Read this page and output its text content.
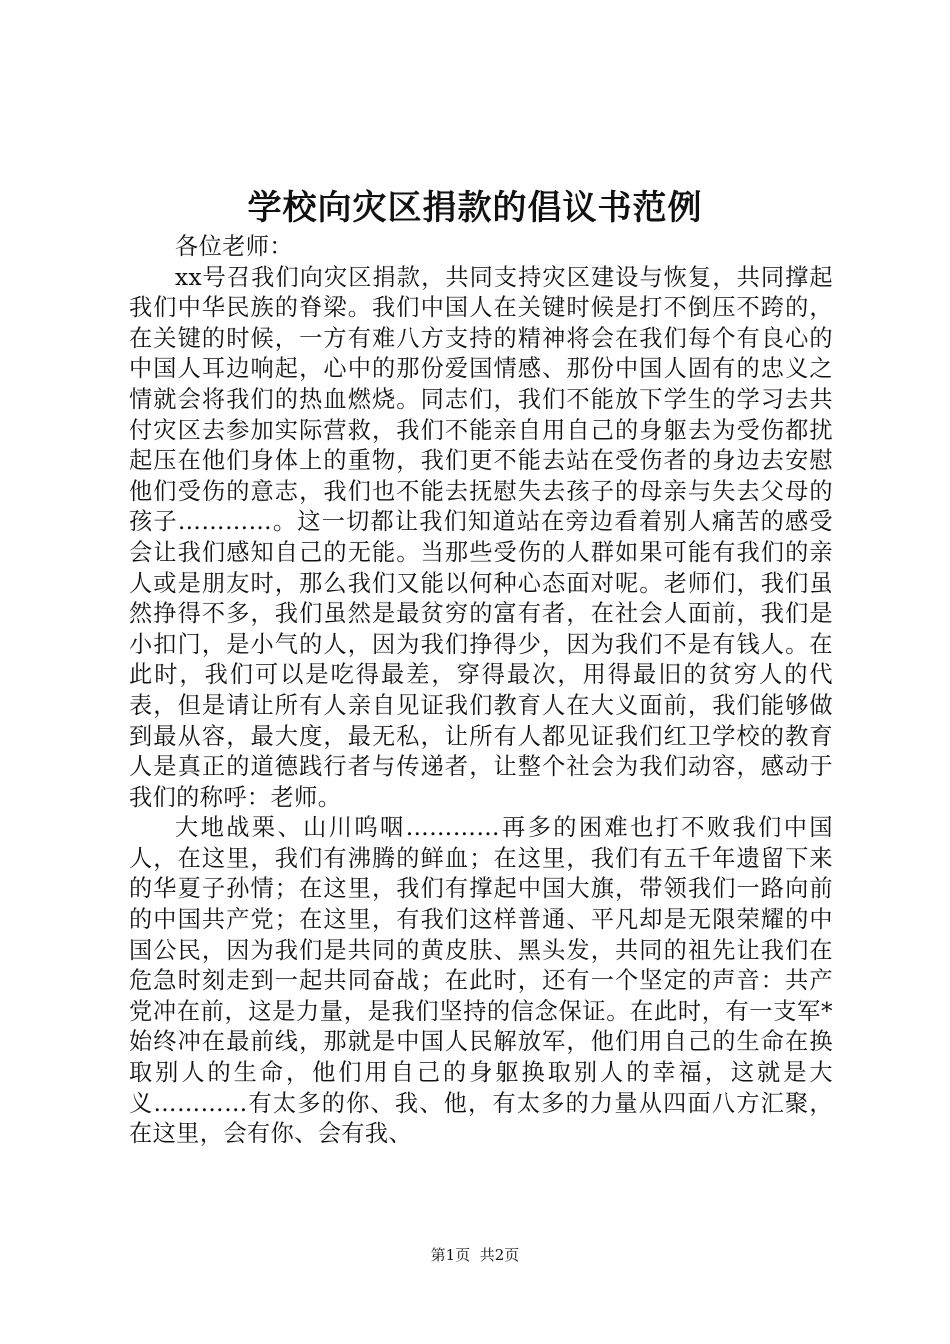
学校向灾区捐款的倡议书范例

各位老师：

xx号召我们向灾区捐款，共同支持灾区建设与恢复，共同撑起我们中华民族的脊梁。我们中国人在关键时候是打不倒压不跨的，在关键的时候，一方有难八方支持的精神将会在我们每个有良心的中国人耳边响起，心中的那份爱国情感、那份中国人固有的忠义之情就会将我们的热血燃烧。同志们，我们不能放下学生的学习去共付灾区去参加实际营救，我们不能亲自用自己的身躯去为受伤都扰起压在他们身体上的重物，我们更不能去站在受伤者的身边去安慰他们受伤的意志，我们也不能去抚慰失去孩子的母亲与失去父母的孩子…………。这一切都让我们知道站在旁边看着别人痛苦的感受会让我们感知自己的无能。当那些受伤的人群如果可能有我们的亲人或是朋友时，那么我们又能以何种心态面对呢。老师们，我们虽然挣得不多，我们虽然是最贫穷的富有者，在社会人面前，我们是小扣门，是小气的人，因为我们挣得少，因为我们不是有钱人。在此时，我们可以是吃得最差，穿得最次，用得最旧的贫穷人的代表，但是请让所有人亲自见证我们教育人在大义面前，我们能够做到最从容，最大度，最无私，让所有人都见证我们红卫学校的教育人是真正的道德践行者与传递者，让整个社会为我们动容，感动于我们的称呼：老师。

大地战栗、山川呜咽…………再多的困难也打不败我们中国人，在这里，我们有沸腾的鲜血；在这里，我们有五千年遗留下来的华夏子孙情；在这里，我们有撑起中国大旗，带领我们一路向前的中国共产党；在这里，有我们这样普通、平凡却是无限荣耀的中国公民，因为我们是共同的黄皮肤、黑头发，共同的祖先让我们在危急时刻走到一起共同奋战；在此时，还有一个坚定的声音：共产党冲在前，这是力量，是我们坚持的信念保证。在此时，有一支军*始终冲在最前线，那就是中国人民解放军，他们用自己的生命在换取别人的生命，他们用自己的身躯换取别人的幸福，这就是大义…………有太多的你、我、他，有太多的力量从四面八方汇聚，在这里，会有你、会有我、

第1页 共2页
